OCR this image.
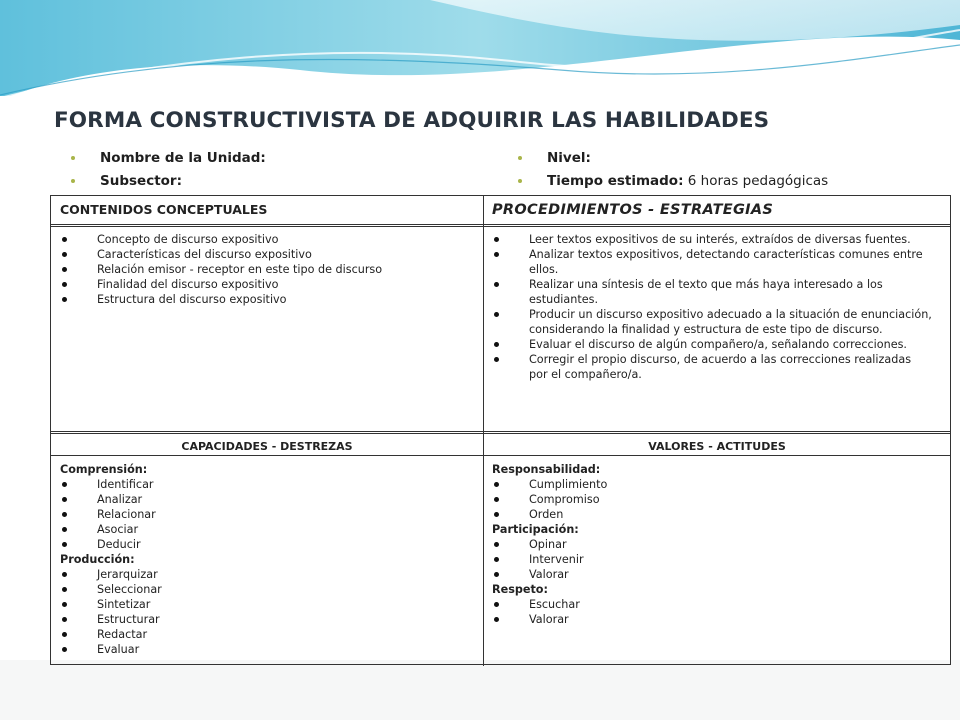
FORMA CONSTRUCTIVISTA DE ADQUIRIR LAS HABILIDADES
Nombre de la Unidad:
Subsector:
Nivel:
Tiempo estimado: 6 horas pedagógicas
CONTENIDOS CONCEPTUALES	PROCEDIMIENTOS - ESTRATEGIAS
Concepto de discurso expositivo
Características del discurso expositivo
Relación emisor - receptor en este tipo de discurso
Finalidad del discurso expositivo
Estructura del discurso expositivo
Leer textos expositivos de su interés, extraídos de diversas fuentes.
Analizar textos expositivos, detectando características comunes entre ellos.
Realizar una síntesis de el texto que más haya interesado a los estudiantes.
Producir un discurso expositivo adecuado a la situación de enunciación, considerando la finalidad y estructura de este tipo de discurso.
Evaluar el discurso de algún compañero/a, señalando correcciones.
Corregir el propio discurso, de acuerdo a las correcciones realizadas por el compañero/a.
CAPACIDADES - DESTREZAS	VALORES - ACTITUDES
Comprensión:
Identificar
Analizar
Relacionar
Asociar
Deducir
Producción:
Jerarquizar
Seleccionar
Sintetizar
Estructurar
Redactar
Evaluar
Responsabilidad:
Cumplimiento
Compromiso
Orden
Participación:
Opinar
Intervenir
Valorar
Respeto:
Escuchar
Valorar
